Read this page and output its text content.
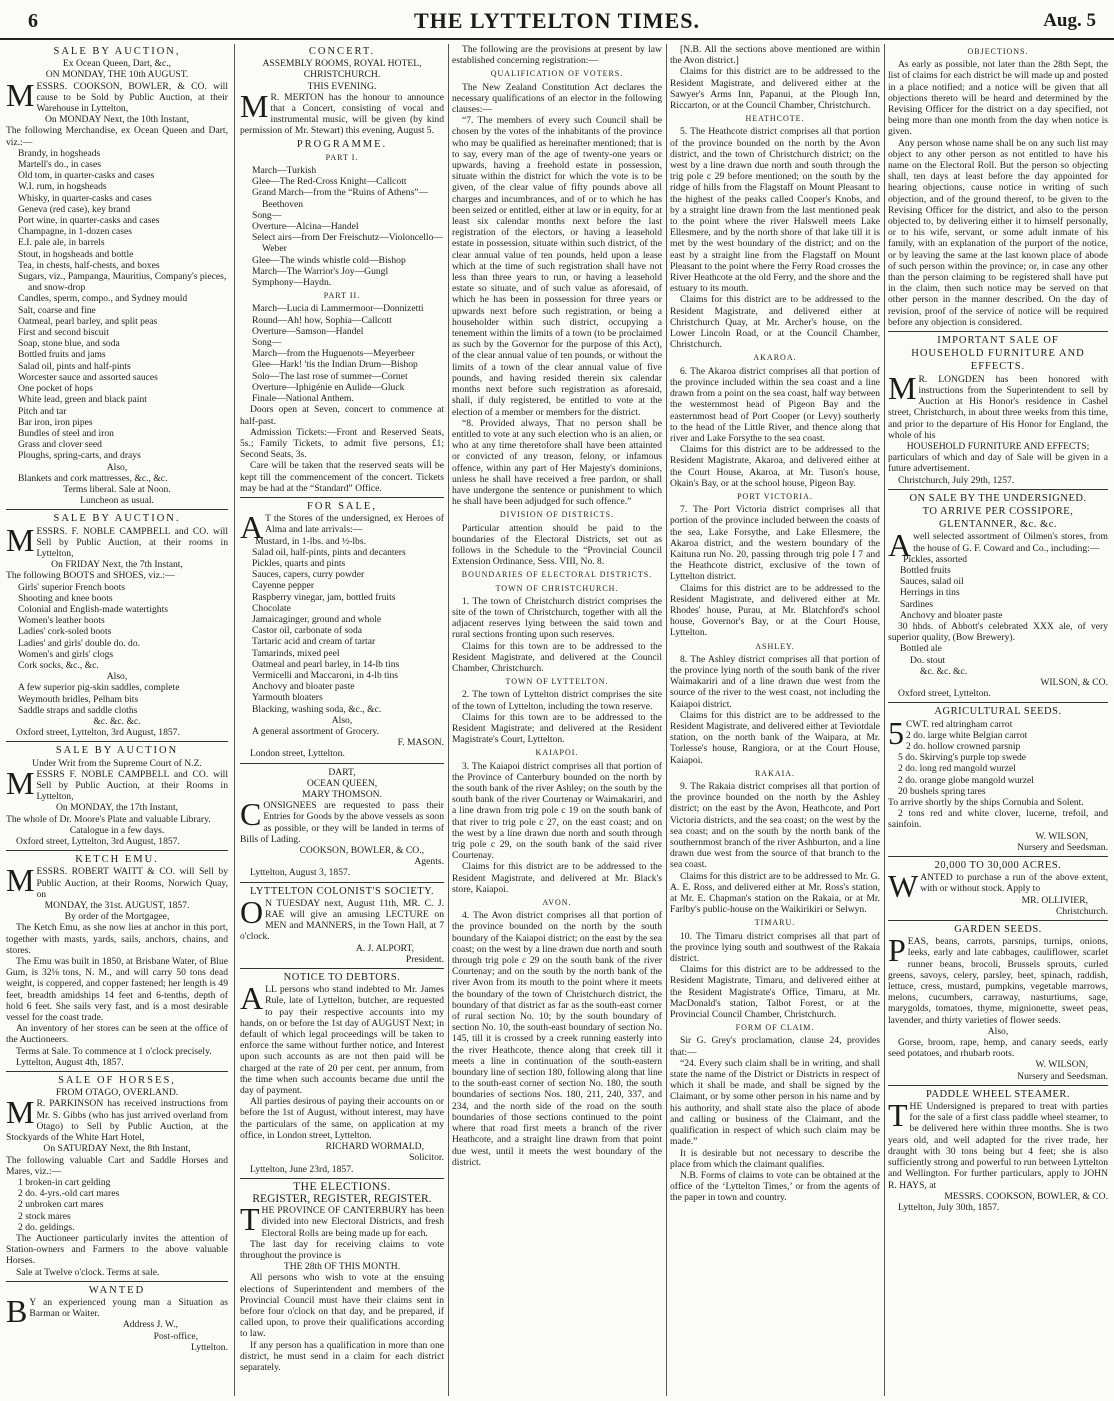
6	THE LYTTELTON TIMES.	Aug. 5
SALE BY AUCTION,
Ex Ocean Queen, Dart, &c.,
ON MONDAY, THE 10th AUGUST.

MESSRS. COOKSON, BOWLER, & CO. will cause to be Sold by Public Auction, at their Warehouse in Lyttelton,

On MONDAY Next, the 10th Instant,

The following Merchandise, ex Ocean Queen and Dart, viz.:—

Brandy, in hogsheads
Martell's do., in cases
Old tom, in quarter-casks and cases
W.I. rum, in hogsheads
Whisky, in quarter-casks and cases
Geneva (red case), key brand
Port wine, in quarter-casks and cases
Champagne, in 1-dozen cases
E.I. pale ale, in barrels
Stout, in hogsheads and bottle
Tea, in chests, half-chests, and boxes
Sugars, viz., Pampanga, Mauritius, Company's pieces, and snow-drop
Candles, sperm, compo., and Sydney mould
Salt, coarse and fine
Oatmeal, pearl barley, and split peas
First and second biscuit
Soap, stone blue, and soda
Bottled fruits and jams
Salad oil, pints and half-pints
Worcester sauce and assorted sauces
One pocket of hops
White lead, green and black paint
Pitch and tar
Bar iron, iron pipes
Bundles of steel and iron
Grass and clover seed
Ploughs, spring-carts, and drays
Also,
Blankets and cork mattresses, &c., &c.
Terms liberal. Sale at Noon.
Luncheon as usual.
SALE BY AUCTION.

MESSRS. F. NOBLE CAMPBELL and CO. will Sell by Public Auction, at their rooms in Lyttelton,

On FRIDAY Next, the 7th Instant,

The following BOOTS and SHOES, viz.:—

Girls' superior French boots
Shooting and knee boots
Colonial and English-made watertights
Women's leather boots
Ladies' cork-soled boots
Ladies' and girls' double do. do.
Women's and girls' clogs
Cork socks, &c., &c.
Also,
A few superior pig-skin saddles, complete
Weymouth bridles, Pelham bits
Saddle straps and saddle cloths
&c. &c. &c.
Oxford street, Lyttelton, 3rd August, 1857.
SALE BY AUCTION
Under Writ from the Supreme Court of N.Z.

MESSRS F. NOBLE CAMPBELL and CO. will Sell by Public Auction, at their Rooms in Lyttelton,

On MONDAY, the 17th Instant,

The whole of Dr. Moore's Plate and valuable Library.

Catalogue in a few days.
Oxford street, Lyttelton, 3rd August, 1857.
KETCH EMU.

MESSRS. ROBERT WAITT & CO. will Sell by Public Auction, at their Rooms, Norwich Quay, on

MONDAY, the 31st. AUGUST, 1857.
By order of the Mortgagee,

The Ketch Emu, as she now lies at anchor in this port, together with masts, yards, sails, anchors, chains, and stores.

The Emu was built in 1850, at Brisbane Water, of Blue Gum, is 32⅛ tons, N. M., and will carry 50 tons dead weight, is coppered, and copper fastened; her length is 49 feet, breadth amidships 14 feet and 6-tenths, depth of hold 6 feet. She sails very fast, and is a most desirable vessel for the coast trade.

An inventory of her stores can be seen at the office of the Auctioneers.

Terms at Sale. To commence at 1 o'clock precisely.

Lyttelton, August 4th, 1857.
SALE OF HORSES,
FROM OTAGO, OVERLAND.

M R. PARKINSON has received instructions from Mr. S. Gibbs (who has just arrived overland from Otago) to Sell by Public Auction, at the Stockyards of the White Hart Hotel,

On SATURDAY Next, the 8th Instant,

The following valuable Cart and Saddle Horses and Mares, viz.:—

1 broken-in cart gelding
2 do. 4-yrs.-old cart mares
2 unbroken cart mares
2 stock mares
2 do. geldings.

The Auctioneer particularly invites the attention of Station-owners and Farmers to the above valuable Horses.

Sale at Twelve o'clock. Terms at sale.

WANTED

B Y an experienced young man a Situation as Barman or Waiter.

Address J. W.,
Post-office,
Lyttelton.
CONCERT.
ASSEMBLY ROOMS, ROYAL HOTEL,
CHRISTCHURCH.
THIS EVENING.

M R. MERTON has the honour to announce that a Concert, consisting of vocal and instrumental music, will be given (by kind permission of Mr. Stewart) this evening, August 5.

PROGRAMME.
PART I.
March—Turkish
Glee—The Red-Cross Knight—Callcott
Grand March—from the “Ruins of Athens”—Beethoven
Song—
Overture—Alcina—Handel
Select airs—from Der Freischutz—Violoncello—Weber
Glee—The winds whistle cold—Bishop
March—The Warrior's Joy—Gungl
Symphony—Haydn.
PART II.
March—Lucia di Lammermoor—Donnizetti
Round—Ah! how, Sophia—Callcott
Overture—Samson—Handel
Song—
March—from the Huguenots—Meyerbeer
Glee—Hark! 'tis the Indian Drum—Bishop
Solo—The last rose of summer—Cornet
Overture—Iphigénie en Aulide—Gluck
Finale—National Anthem.

Doors open at Seven, concert to commence at half-past.

Admission Tickets:—Front and Reserved Seats, 5s.; Family Tickets, to admit five persons, £1; Second Seats, 3s.

Care will be taken that the reserved seats will be kept till the commencement of the concert. Tickets may be had at the “Standard” Office.

FOR SALE,

A T the Stores of the undersigned, ex Heroes of Alma and late arrivals:—

Mustard, in 1-lbs. and ½-lbs.
Salad oil, half-pints, pints and decanters
Pickles, quarts and pints
Sauces, capers, curry powder
Cayenne pepper
Raspberry vinegar, jam, bottled fruits
Chocolate
Jamaicaginger, ground and whole
Castor oil, carbonate of soda
Tartaric acid and cream of tartar
Tamarinds, mixed peel
Oatmeal and pearl barley, in 14-lb tins
Vermicelli and Maccaroni, in 4-lb tins
Anchovy and bloater paste
Yarmouth bloaters
Blacking, washing soda, &c., &c.
Also,
A general assortment of Grocery.
F. MASON.
London street, Lyttelton.
DART,
OCEAN QUEEN,
MARY THOMSON.

CONSIGNEES are requested to pass their Entries for Goods by the above vessels as soon as possible, or they will be landed in terms of Bills of Lading.

COOKSON, BOWLER, & CO.,
Agents.
Lyttelton, August 3, 1857.
LYTTELTON COLONIST'S SOCIETY.

O N TUESDAY next, August 11th, MR. C. J. RAE will give an amusing LECTURE on MEN and MANNERS, in the Town Hall, at 7 o'clock.

A. J. ALPORT,
President.
NOTICE TO DEBTORS.

ALL persons who stand indebted to Mr. James Rule, late of Lyttelton, butcher, are requested to pay their respective accounts into my hands, on or before the 1st day of AUGUST Next; in default of which legal proceedings will be taken to enforce the same without further notice, and Interest upon such accounts as are not then paid will be charged at the rate of 20 per cent. per annum, from the time when such accounts became due until the day of payment.

All parties desirous of paying their accounts on or before the 1st of August, without interest, may have the particulars of the same, on application at my office, in London street, Lyttelton.

RICHARD WORMALD,
Solicitor.
Lyttelton, June 23rd, 1857.
THE ELECTIONS.
REGISTER, REGISTER, REGISTER.

THE PROVINCE OF CANTERBURY has been divided into new Electoral Districts, and fresh Electoral Rolls are being made up for each.

The last day for receiving claims to vote throughout the province is

THE 28th OF THIS MONTH.

All persons who wish to vote at the ensuing elections of Superintendent and members of the Provincial Council must have their claims sent in before four o'clock on that day, and be prepared, if called upon, to prove their qualifications according to law.

If any person has a qualification in more than one district, he must send in a claim for each district separately.

The following are the provisions at present by law established concerning registration:—

QUALIFICATION OF VOTERS.

The New Zealand Constitution Act declares the necessary qualifications of an elector in the following clauses:—

“7. The members of every such Council shall be chosen by the votes of the inhabitants of the province who may be qualified as hereinafter mentioned; that is to say, every man of the age of twenty-one years or upwards, having a freehold estate in possession, situate within the district for which the vote is to be given, of the clear value of fifty pounds above all charges and incumbrances, and of or to which he has been seized or entitled, either at law or in equity, for at least six calendar months next before the last registration of the electors, or having a leasehold estate in possession, situate within such district, of the clear annual value of ten pounds, held upon a lease which at the time of such registration shall have not less than three years to run, or having a leasehold estate so situate, and of such value as aforesaid, of which he has been in possession for three years or upwards next before such registration, or being a householder within such district, occupying a tenement within the limits of a town (to be proclaimed as such by the Governor for the purpose of this Act), of the clear annual value of ten pounds, or without the limits of a town of the clear annual value of five pounds, and having resided therein six calendar months next before such registration as aforesaid, shall, if duly registered, be entitled to vote at the election of a member or members for the district.

“8. Provided always, That no person shall be entitled to vote at any such election who is an alien, or who at any time theretofore shall have been attainted or convicted of any treason, felony, or infamous offence, within any part of Her Majesty's dominions, unless he shall have received a free pardon, or shall have undergone the sentence or punishment to which he shall have been adjudged for such offence.”

DIVISION OF DISTRICTS.

Particular attention should be paid to the boundaries of the Electoral Districts, set out as follows in the Schedule to the “Provincial Council Extension Ordinance, Sess. VIII, No. 8.

BOUNDARIES OF ELECTORAL DISTRICTS.
TOWN OF CHRISTCHURCH.

1. The town of Christchurch district comprises the site of the town of Christchurch, together with all the adjacent reserves lying between the said town and rural sections fronting upon such reserves.

Claims for this town are to be addressed to the Resident Magistrate, and delivered at the Council Chamber, Christchurch.

TOWN OF LYTTELTON.

2. The town of Lyttelton district comprises the site of the town of Lyttelton, including the town reserve.

Claims for this town are to be addressed to the Resident Magistrate; and delivered at the Resident Magistrate's Court, Lyttelton.

KAIAPOI.

3. The Kaiapoi district comprises all that portion of the Province of Canterbury bounded on the north by the south bank of the river Ashley; on the south by the south bank of the river Courtenay or Waimakariri, and a line drawn from trig pole c 19 on the south bank of that river to trig pole c 27, on the east coast; and on the west by a line drawn due north and south through trig pole c 29, on the south bank of the said river Courtenay.

Claims for this district are to be addressed to the Resident Magistrate, and delivered at Mr. Black's store, Kaiapoi.

AVON.

4. The Avon district comprises all that portion of the province bounded on the north by the south boundary of the Kaiapoi district; on the east by the sea coast; on the west by a line drawn due north and south through trig pole c 29 on the south bank of the river Courtenay; and on the south by the north bank of the river Avon from its mouth to the point where it meets the boundary of the town of Christchurch district, the boundary of that district as far as the south-east corner of rural section No. 10; by the south boundary of section No. 10, the south-east boundary of section No. 145, till it is crossed by a creek running easterly into the river Heathcote, thence along that creek till it meets a line in continuation of the south-eastern boundary line of section 180, following along that line to the south-east corner of section No. 180, the south boundaries of sections Nos. 180, 211, 240, 337, and 234, and the north side of the road on the south boundaries of those sections continued to the point where that road first meets a branch of the river Heathcote, and a straight line drawn from that point due west, until it meets the west boundary of the district.

[N.B. All the sections above mentioned are within the Avon district.]

Claims for this district are to be addressed to the Resident Magistrate, and delivered either at the Sawyer's Arms Inn, Papanui, at the Plough Inn, Riccarton, or at the Council Chamber, Christchurch.

HEATHCOTE.

5. The Heathcote district comprises all that portion of the province bounded on the north by the Avon district, and the town of Christchurch district; on the west by a line drawn due north and south through the trig pole c 29 before mentioned; on the south by the ridge of hills from the Flagstaff on Mount Pleasant to the highest of the peaks called Cooper's Knobs, and by a straight line drawn from the last mentioned peak to the point where the river Halswell meets Lake Ellesmere, and by the north shore of that lake till it is met by the west boundary of the district; and on the east by a straight line from the Flagstaff on Mount Pleasant to the point where the Ferry Road crosses the River Heathcote at the old Ferry, and the shore and the estuary to its mouth.

Claims for this district are to be addressed to the Resident Magistrate, and delivered either at Christchurch Quay, at Mr. Archer's house, on the Lower Lincoln Road, or at the Council Chamber, Christchurch.

AKAROA.

6. The Akaroa district comprises all that portion of the province included within the sea coast and a line drawn from a point on the sea coast, half way between the westernmost head of Pigeon Bay and the easternmost head of Port Cooper (or Levy) southerly to the head of the Little River, and thence along that river and Lake Forsythe to the sea coast.

Claims for this district are to be addressed to the Resident Magistrate, Akaroa, and delivered either at the Court House, Akaroa, at Mr. Tuson's house, Okain's Bay, or at the school house, Pigeon Bay.

PORT VICTORIA.

7. The Port Victoria district comprises all that portion of the province included between the coasts of the sea, Lake Forsythe, and Lake Ellesmere, the Akaroa district, and the western boundary of the Kaituna run No. 20, passing through trig pole I 7 and the Heathcote district, exclusive of the town of Lyttelton district.

Claims for this district are to be addressed to the Resident Magistrate, and delivered either at Mr. Rhodes' house, Purau, at Mr. Blatchford's school house, Governor's Bay, or at the Court House, Lyttelton.

ASHLEY.

8. The Ashley district comprises all that portion of the province lying north of the south bank of the river Waimakariri and of a line drawn due west from the source of the river to the west coast, not including the Kaiapoi district.

Claims for this district are to be addressed to the Resident Magistrate, and delivered either at Teviotdale station, on the north bank of the Waipara, at Mr. Torlesse's house, Rangiora, or at the Court House, Kaiapoi.

RAKAIA.

9. The Rakaia district comprises all that portion of the province bounded on the north by the Ashley district; on the east by the Avon, Heathcote, and Port Victoria districts, and the sea coast; on the west by the sea coast; and on the south by the north bank of the southernmost branch of the river Ashburton, and a line drawn due west from the source of that branch to the sea coast.

Claims for this district are to be addressed to Mr. G. A. E. Ross, and delivered either at Mr. Ross's station, at Mr. E. Chapman's station on the Rakaia, or at Mr. Farlby's public-house on the Waikirikiri or Selwyn.

TIMARU.

10. The Timaru district comprises all that part of the province lying south and southwest of the Rakaia district.

Claims for this district are to be addressed to the Resident Magistrate, Timaru, and delivered either at the Resident Magistrate's Office, Timaru, at Mr. MacDonald's station, Talbot Forest, or at the Provincial Council Chamber, Christchurch.

FORM OF CLAIM.

Sir G. Grey's proclamation, clause 24, provides that:—

“24. Every such claim shall be in writing, and shall state the name of the District or Districts in respect of which it shall be made, and shall be signed by the Claimant, or by some other person in his name and by his authority, and shall state also the place of abode and calling or business of the Claimant, and the qualification in respect of which such claim may be made.”

It is desirable but not necessary to describe the place from which the claimant qualifies.

N.B. Forms of claims to vote can be obtained at the office of the ‘Lyttelton Times,’ or from the agents of the paper in town and country.

OBJECTIONS.

As early as possible, not later than the 28th Sept, the list of claims for each district be will made up and posted in a place notified; and a notice will be given that all objections thereto will be heard and determined by the Revising Officer for the district on a day specified, not being more than one month from the day when notice is given.

Any person whose name shall be on any such list may object to any other person as not entitled to have his name on the Electoral Roll. But the person so objecting shall, ten days at least before the day appointed for hearing objections, cause notice in writing of such objection, and of the ground thereof, to be given to the Revising Officer for the district, and also to the person objected to, by delivering either it to himself personally, or to his wife, servant, or some adult inmate of his family, with an explanation of the purport of the notice, or by leaving the same at the last known place of abode of such person within the province; or, in case any other than the person claiming to be registered shall have put in the claim, then such notice may be served on that other person in the manner described. On the day of revision, proof of the service of notice will be required before any objection is considered.

IMPORTANT SALE OF
HOUSEHOLD FURNITURE AND
EFFECTS.

M R. LONGDEN has been honored with instructions from the Superintendent to sell by Auction at His Honor's residence in Cashel street, Christchurch, in about three weeks from this time, and prior to the departure of His Honor for England, the whole of his

HOUSEHOLD FURNITURE AND EFFECTS;

particulars of which and day of Sale will be given in a future advertisement.

Christchurch, July 29th, 1257.
ON SALE BY THE UNDERSIGNED.
TO ARRIVE PER COSSIPORE,
GLENTANNER, &c. &c.

Awell selected assortment of Oilmen's stores, from the house of G. F. Coward and Co., including:—

Pickles, assorted
Bottled fruits
Sauces, salad oil
Herrings in tins
Sardines
Anchovy and bloater paste

30 hhds. of Abbott's celebrated XXX ale, of very superior quality, (Bow Brewery).

Bottled ale
Do. stout
&c. &c. &c.
WILSON, & CO.
Oxford street, Lyttelton.
AGRICULTURAL SEEDS.

5 CWT. red altringham carrot

2 do. large white Belgian carrot
2 do. hollow crowned parsnip
5 do. Skirving's purple top swede
2 do. long red mangold wurzel
2 do. orange globe mangold wurzel
20 bushels spring tares

To arrive shortly by the ships Cornubia and Solent.

2 tons red and white clover, lucerne, trefoil, and sainfoin.

W. WILSON,
Nursery and Seedsman.
20,000 TO 30,000 ACRES.

WANTED to purchase a run of the above extent, with or without stock. Apply to

MR. OLLIVIER,
Christchurch.
GARDEN SEEDS.

PEAS, beans, carrots, parsnips, turnips, onions, leeks, early and late cabbages, cauliflower, scarlet runner beans, brocoli, Brussels sprouts, curled greens, savoys, celery, parsley, beet, spinach, raddish, lettuce, cress, mustard, pumpkins, vegetable marrows, melons, cucumbers, carraway, nasturtiums, sage, marygolds, tomatoes, thyme, mignionette, sweet peas, lavender, and thirty varieties of flower seeds.

Also,

Gorse, broom, rape, hemp, and canary seeds, early seed potatoes, and rhubarb roots.

W. WILSON,
Nursery and Seedsman.
PADDLE WHEEL STEAMER.

THE Undersigned is prepared to treat with parties for the sale of a first class paddle wheel steamer, to be delivered here within three months. She is two years old, and well adapted for the river trade, her draught with 30 tons being but 4 feet; she is also sufficiently strong and powerful to run between Lyttelton and Wellington. For further particulars, apply to JOHN R. HAYS, at

MESSRS. COOKSON, BOWLER, & CO.
Lyttelton, July 30th, 1857.
